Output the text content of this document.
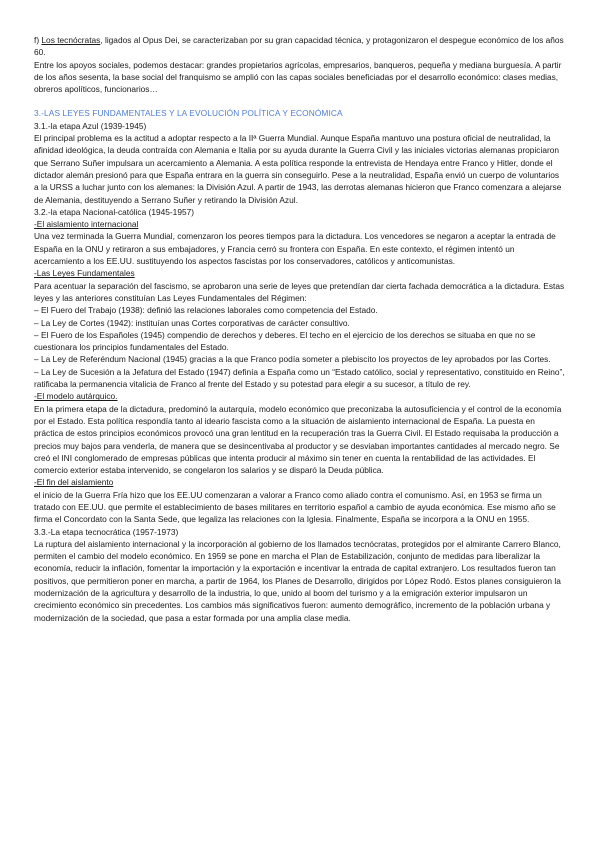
f) Los tecnócratas, ligados al Opus Dei, se caracterizaban por su gran capacidad técnica, y protagonizaron el despegue económico de los años 60.

Entre los apoyos sociales, podemos destacar: grandes propietarios agrícolas, empresarios, banqueros, pequeña y mediana burguesía. A partir de los años sesenta, la base social del franquismo se amplió con las capas sociales beneficiadas por el desarrollo económico: clases medias, obreros apolíticos, funcionarios…

3.-LAS LEYES FUNDAMENTALES Y LA EVOLUCIÓN POLÍTICA Y ECONÓMICA

3.1.-la etapa Azul (1939-1945)

El principal problema es la actitud a adoptar respecto a la IIª Guerra Mundial. Aunque España mantuvo una postura oficial de neutralidad, la afinidad ideológica, la deuda contraída con Alemania e Italia por su ayuda durante la Guerra Civil y las iniciales victorias alemanas propiciaron que Serrano Suñer impulsara un acercamiento a Alemania. A esta política responde la entrevista de Hendaya entre Franco y Hitler, donde el dictador alemán presionó para que España entrara en la guerra sin conseguirlo. Pese a la neutralidad, España envió un cuerpo de voluntarios a la URSS a luchar junto con los alemanes: la División Azul. A partir de 1943, las derrotas alemanas hicieron que Franco comenzara a alejarse de Alemania, destituyendo a Serrano Suñer y retirando la División Azul.

3.2.-la etapa Nacional-católica (1945-1957)

-El aislamiento internacional

Una vez terminada la Guerra Mundial, comenzaron los peores tiempos para la dictadura. Los vencedores se negaron a aceptar la entrada de España en la ONU y retiraron a sus embajadores, y Francia cerró su frontera con España. En este contexto, el régimen intentó un acercamiento a los EE.UU. sustituyendo los aspectos fascistas por los conservadores, católicos y anticomunistas.

-Las Leyes Fundamentales

Para acentuar la separación del fascismo, se aprobaron una serie de leyes que pretendían dar cierta fachada democrática a la dictadura. Estas leyes y las anteriores constituían Las Leyes Fundamentales del Régimen:

– El Fuero del Trabajo (1938): definió las relaciones laborales como competencia del Estado.

– La Ley de Cortes (1942): instituían unas Cortes corporativas de carácter consultivo.

– El Fuero de los Españoles (1945) compendio de derechos y deberes. El techo en el ejercicio de los derechos se situaba en que no se cuestionara los principios fundamentales del Estado.

– La Ley de Referéndum Nacional (1945) gracias a la que Franco podía someter a plebiscito los proyectos de ley aprobados por las Cortes.

– La Ley de Sucesión a la Jefatura del Estado (1947) definía a España como un “Estado católico, social y representativo, constituido en Reino”, ratificaba la permanencia vitalicia de Franco al frente del Estado y su potestad para elegir a su sucesor, a título de rey.

-El modelo autárquico.

En la primera etapa de la dictadura, predominó la autarquía, modelo económico que preconizaba la autosuficiencia y el control de la economía por el Estado. Esta política respondía tanto al ideario fascista como a la situación de aislamiento internacional de España. La puesta en práctica de estos principios económicos provocó una gran lentitud en la recuperación tras la Guerra Civil. El Estado requisaba la producción a precios muy bajos para venderla, de manera que se desincentivaba al productor y se desviaban importantes cantidades al mercado negro. Se creó el INI conglomerado de empresas públicas que intenta producir al máximo sin tener en cuenta la rentabilidad de las actividades. El comercio exterior estaba intervenido, se congelaron los salarios y se disparó la Deuda pública.

-El fin del aislamiento

el inicio de la Guerra Fría hizo que los EE.UU comenzaran a valorar a Franco como aliado contra el comunismo. Así, en 1953 se firma un tratado con EE.UU. que permite el establecimiento de bases militares en territorio español a cambio de ayuda económica. Ese mismo año se firma el Concordato con la Santa Sede, que legaliza las relaciones con la Iglesia. Finalmente, España se incorpora a la ONU en 1955.

3.3.-La etapa tecnocrática (1957-1973)

La ruptura del aislamiento internacional y la incorporación al gobierno de los llamados tecnócratas, protegidos por el almirante Carrero Blanco, permiten el cambio del modelo económico. En 1959 se pone en marcha el Plan de Estabilización, conjunto de medidas para liberalizar la economía, reducir la inflación, fomentar la importación y la exportación e incentivar la entrada de capital extranjero. Los resultados fueron tan positivos, que permitieron poner en marcha, a partir de 1964, los Planes de Desarrollo, dirigidos por López Rodó. Estos planes consiguieron la modernización de la agricultura y desarrollo de la industria, lo que, unido al boom del turismo y a la emigración exterior impulsaron un crecimiento económico sin precedentes. Los cambios más significativos fueron: aumento demográfico, incremento de la población urbana y modernización de la sociedad, que pasa a estar formada por una amplia clase media.
